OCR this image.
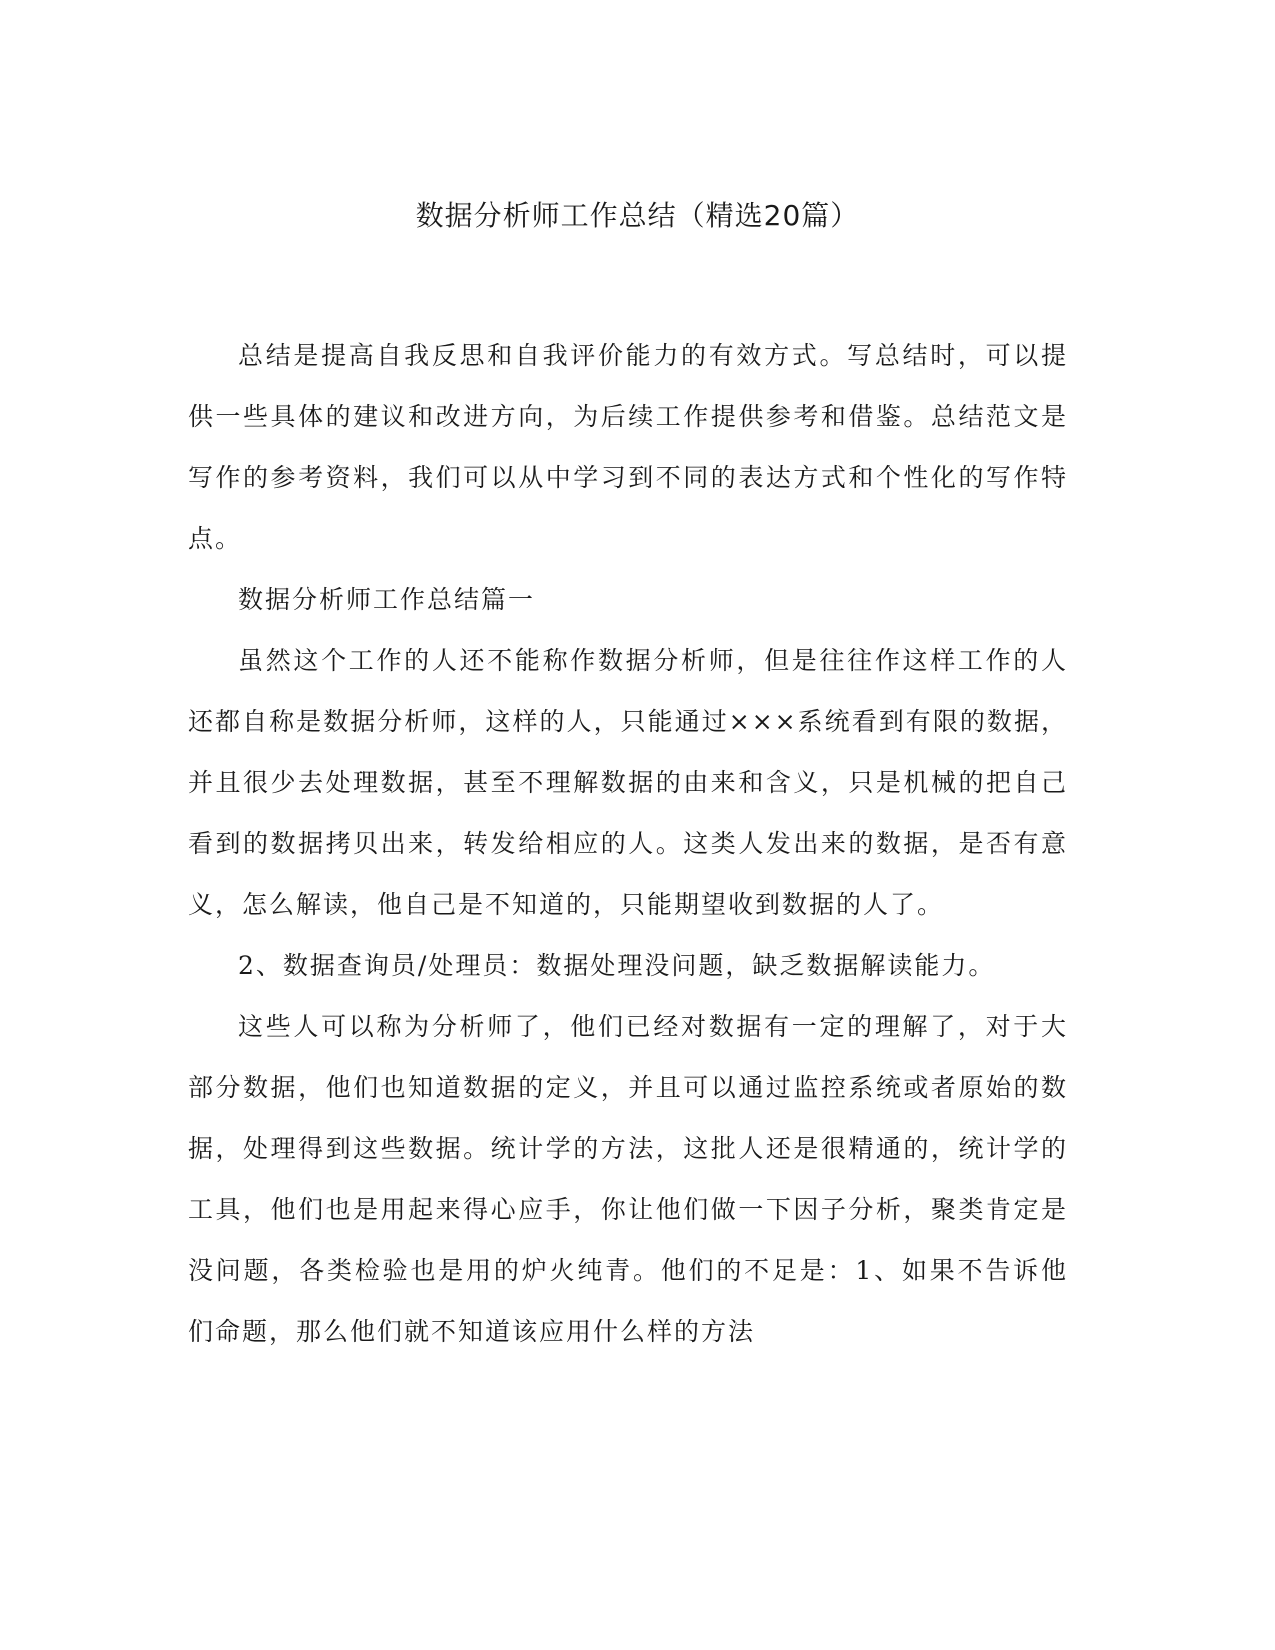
数据分析师工作总结（精选20篇）

总结是提高自我反思和自我评价能力的有效方式。写总结时，可以提供一些具体的建议和改进方向，为后续工作提供参考和借鉴。总结范文是写作的参考资料，我们可以从中学习到不同的表达方式和个性化的写作特点。

数据分析师工作总结篇一

虽然这个工作的人还不能称作数据分析师，但是往往作这样工作的人还都自称是数据分析师，这样的人，只能通过×××系统看到有限的数据，并且很少去处理数据，甚至不理解数据的由来和含义，只是机械的把自己看到的数据拷贝出来，转发给相应的人。这类人发出来的数据，是否有意义，怎么解读，他自己是不知道的，只能期望收到数据的人了。

2、数据查询员/处理员：数据处理没问题，缺乏数据解读能力。

这些人可以称为分析师了，他们已经对数据有一定的理解了，对于大部分数据，他们也知道数据的定义，并且可以通过监控系统或者原始的数据，处理得到这些数据。统计学的方法，这批人还是很精通的，统计学的工具，他们也是用起来得心应手，你让他们做一下因子分析，聚类肯定是没问题，各类检验也是用的炉火纯青。他们的不足是：1、如果不告诉他们命题，那么他们就不知道该应用什么样的方法
